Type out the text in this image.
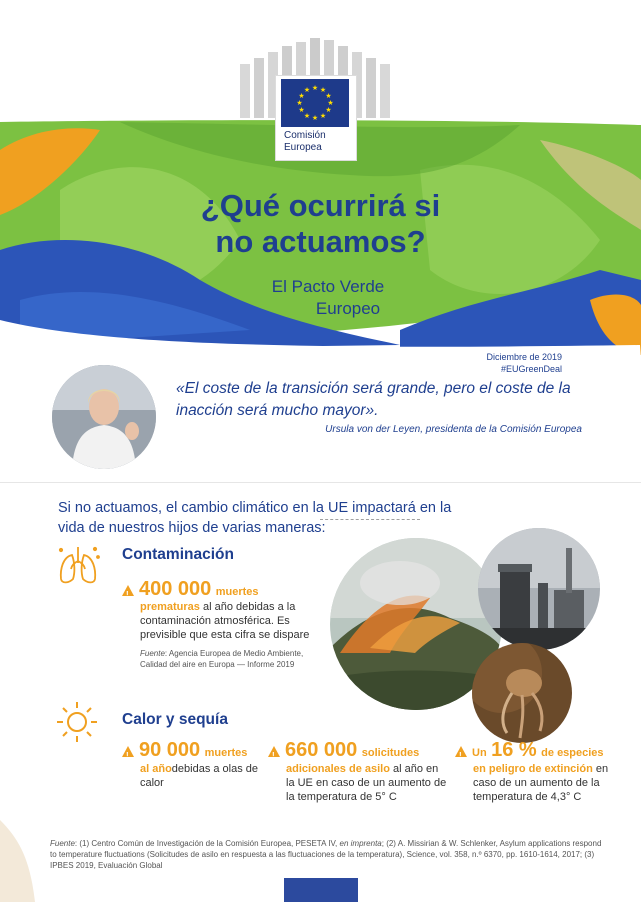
★ ★
★
★
★
★
★
★
★
★
★
★
Comisión
Europea
¿Qué ocurrirá si
no actuamos?
El Pacto Verde
Europeo
Diciembre de 2019
#EUGreenDeal
«El coste de la transición será grande, pero el coste de la inacción será mucho mayor».
Ursula von der Leyen, presidenta de la Comisión Europea
Si no actuamos, el cambio climático en la UE impactará en la vida de nuestros hijos de varias maneras:
Contaminación
!400 000 muertes
prematuras al año debidas a la
contaminación atmosférica. Es
previsible que esta cifra se dispare
Fuente: Agencia Europea de Medio Ambiente,
Calidad del aire en Europa — Informe 2019
Calor y sequía
!90 000 muertes
al añodebidas a olas de
calor
!660 000 solicitudes
adicionales de asilo al año en
la UE en caso de un aumento de
la temperatura de 5° C
!Un 16 % de especies
en peligro de extinción en
caso de un aumento de la
temperatura de 4,3° C
Fuente: (1) Centro Común de Investigación de la Comisión Europea, PESETA IV, en imprenta; (2) A. Missirian & W. Schlenker, Asylum applications respond to temperature fluctuations (Solicitudes de asilo en respuesta a las fluctuaciones de la temperatura), Science, vol. 358, n.º 6370, pp. 1610-1614, 2017; (3) IPBES 2019, Evaluación Global
